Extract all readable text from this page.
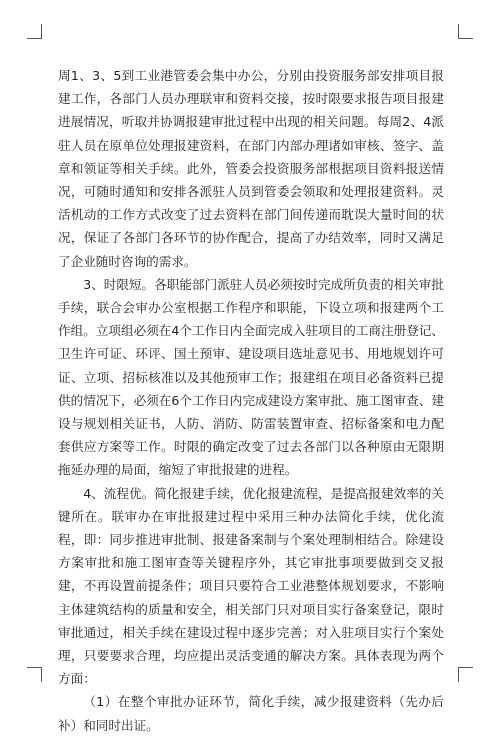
周1、3、5到工业港管委会集中办公，分别由投资服务部安排项目报建工作，各部门人员办理联审和资料交接，按时限要求报告项目报建进展情况，听取并协调报建审批过程中出现的相关问题。每周2、4派驻人员在原单位处理报建资料，在部门内部办理诸如审核、签字、盖章和领证等相关手续。此外，管委会投资服务部根据项目资料报送情况，可随时通知和安排各派驻人员到管委会领取和处理报建资料。灵活机动的工作方式改变了过去资料在部门间传递而耽误大量时间的状况，保证了各部门各环节的协作配合，提高了办结效率，同时又满足了企业随时咨询的需求。

3、时限短。各职能部门派驻人员必须按时完成所负责的相关审批手续，联合会审办公室根据工作程序和职能，下设立项和报建两个工作组。立项组必须在4个工作日内全面完成入驻项目的工商注册登记、卫生许可证、环评、国土预审、建设项目选址意见书、用地规划许可证、立项、招标核准以及其他预审工作；报建组在项目必备资料已提供的情况下，必须在6个工作日内完成建设方案审批、施工图审查、建设与规划相关证书，人防、消防、防雷装置审查、招标备案和电力配套供应方案等工作。时限的确定改变了过去各部门以各种原由无限期拖延办理的局面，缩短了审批报建的进程。

4、流程优。简化报建手续，优化报建流程，是提高报建效率的关键所在。联审办在审批报建过程中采用三种办法简化手续，优化流程，即：同步推进审批制、报建备案制与个案处理制相结合。除建设方案审批和施工图审查等关键程序外，其它审批事项要做到交叉报建，不再设置前提条件；项目只要符合工业港整体规划要求，不影响主体建筑结构的质量和安全，相关部门只对项目实行备案登记，限时审批通过，相关手续在建设过程中逐步完善；对入驻项目实行个案处理，只要要求合理，均应提出灵活变通的解决方案。具体表现为两个方面：

（1）在整个审批办证环节，简化手续，减少报建资料（先办后补）和同时出证。
